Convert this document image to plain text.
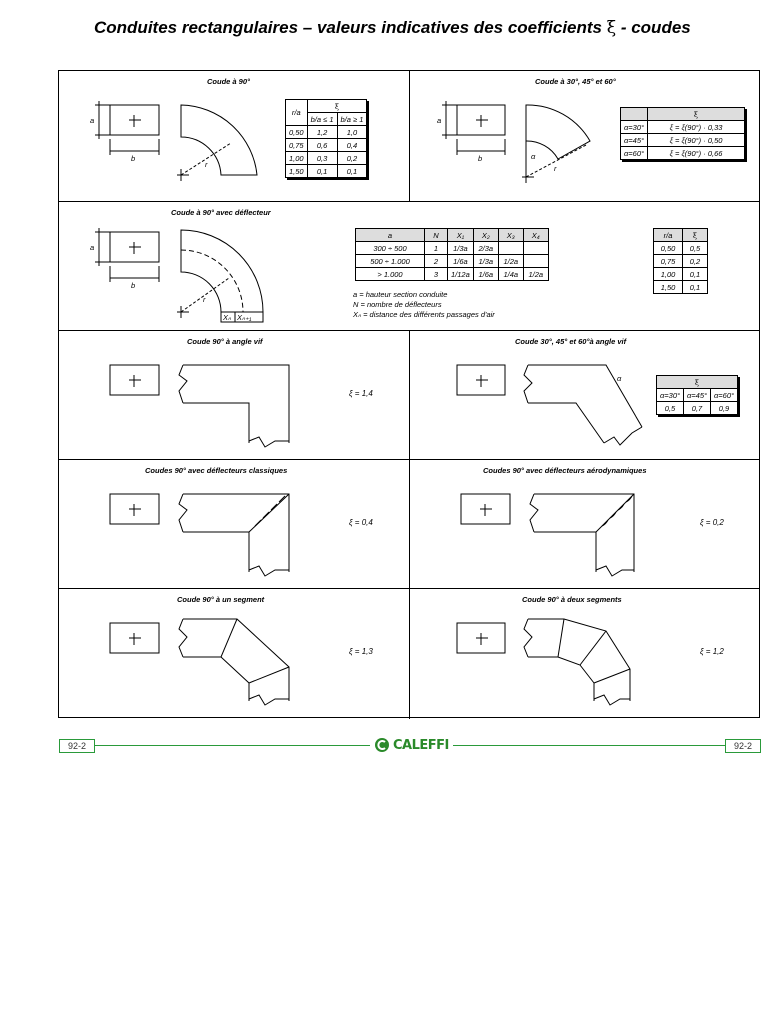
Conduites rectangulaires – valeurs indicatives des coefficients ξ - coudes
Coude à 90°
a
b
r
r/a	ξ	
	b/a ≤ 1	b/a ≥ 1
0,50	1,2	1,0
0,75	0,6	0,4
1,00	0,3	0,2
1,50	0,1	0,1
Coude à 30°, 45° et 60°
a
b	α
r
	ξ
α=30°	ξ = ξ(90°) · 0,33
α=45°	ξ = ξ(90°) · 0,50
α=60°	ξ = ξ(90°) · 0,66
Coude à 90° avec déflecteur
a
b
r
Xₙ Xₙ₊₁
a	N	X₁	X₂	X₃	X₄
300 ÷ 500	1	1/3a	2/3a		
500 ÷ 1.000	2	1/6a	1/3a	1/2a	
> 1.000	3	1/12a	1/6a	1/4a	1/2a
a = hauteur section conduite
N = nombre de déflecteurs
Xₙ = distance des différents passages d'air
r/a	ξ
0,50	0,5
0,75	0,2
1,00	0,1
1,50	0,1
Coude 90° à angle vif
ξ = 1,4
Coude 30°, 45° et 60°à angle vif
α	ξ		
α=30°	α=45°	α=60°
0,5	0,7	0,9
Coudes 90° avec déflecteurs classiques
ξ = 0,4
Coudes 90° avec déflecteurs aérodynamiques
ξ = 0,2
Coude 90° à un segment
ξ = 1,3
Coude 90° à deux segments
ξ = 1,2
92-2	92-2
CALEFFI
